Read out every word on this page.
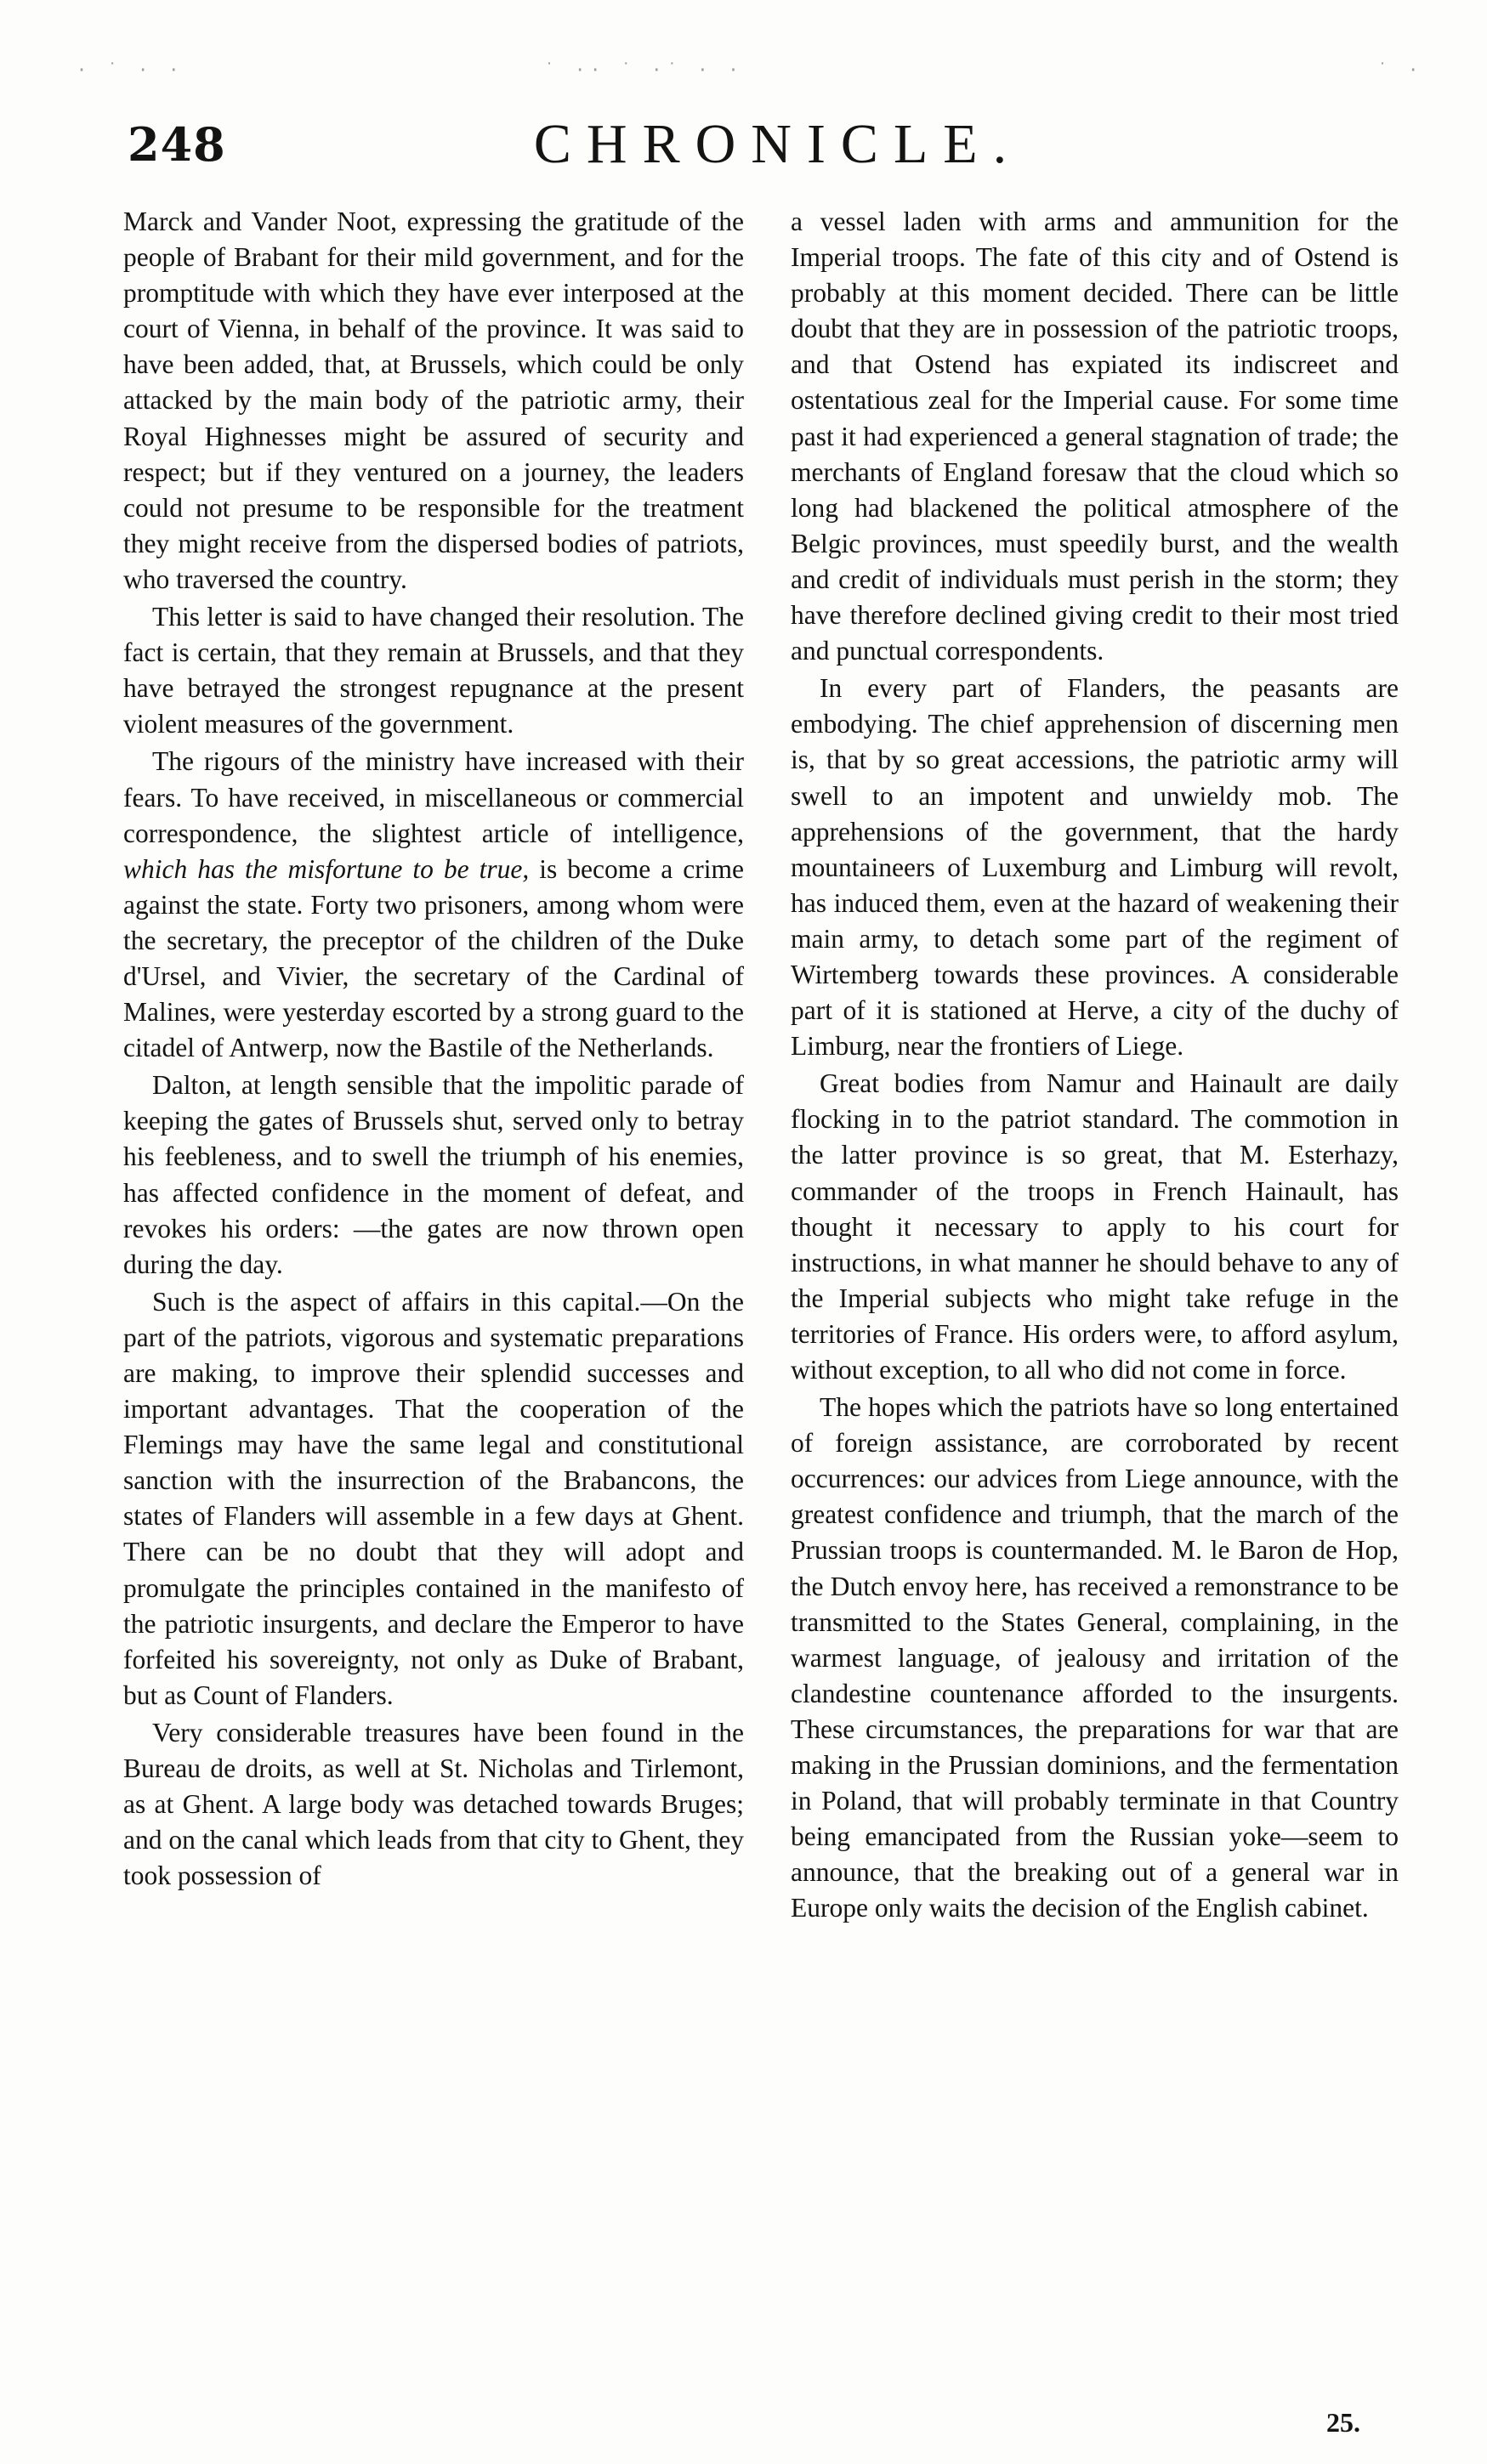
· ˙ · ·	˙ ·· ˙ ·˙ · ·	˙ ·
248	CHRONICLE.

Marck and Vander Noot, expressing the gratitude of the people of Brabant for their mild government, and for the promptitude with which they have ever interposed at the court of Vienna, in behalf of the province. It was said to have been added, that, at Brussels, which could be only attacked by the main body of the patriotic army, their Royal Highnesses might be assured of security and respect; but if they ventured on a journey, the leaders could not presume to be responsible for the treatment they might receive from the dispersed bodies of patriots, who traversed the country.

This letter is said to have changed their resolution. The fact is certain, that they remain at Brussels, and that they have betrayed the strongest repugnance at the present violent measures of the government.

The rigours of the ministry have increased with their fears. To have received, in miscellaneous or commercial correspondence, the slightest article of intelligence, which has the misfortune to be true, is become a crime against the state. Forty two prisoners, among whom were the secretary, the preceptor of the children of the Duke d'Ursel, and Vivier, the secretary of the Cardinal of Malines, were yesterday escorted by a strong guard to the citadel of Antwerp, now the Bastile of the Netherlands.

Dalton, at length sensible that the impolitic parade of keeping the gates of Brussels shut, served only to betray his feebleness, and to swell the triumph of his enemies, has affected confidence in the moment of defeat, and revokes his orders: —the gates are now thrown open during the day.

Such is the aspect of affairs in this capital.—On the part of the patriots, vigorous and systematic preparations are making, to improve their splendid successes and important advantages. That the cooperation of the Flemings may have the same legal and constitutional sanction with the insurrection of the Brabancons, the states of Flanders will assemble in a few days at Ghent. There can be no doubt that they will adopt and promulgate the principles contained in the manifesto of the patriotic insurgents, and declare the Emperor to have forfeited his sovereignty, not only as Duke of Brabant, but as Count of Flanders.

Very considerable treasures have been found in the Bureau de droits, as well at St. Nicholas and Tirlemont, as at Ghent. A large body was detached towards Bruges; and on the canal which leads from that city to Ghent, they took possession of

a vessel laden with arms and ammunition for the Imperial troops. The fate of this city and of Ostend is probably at this moment decided. There can be little doubt that they are in possession of the patriotic troops, and that Ostend has expiated its indiscreet and ostentatious zeal for the Imperial cause. For some time past it had experienced a general stagnation of trade; the merchants of England foresaw that the cloud which so long had blackened the political atmosphere of the Belgic provinces, must speedily burst, and the wealth and credit of individuals must perish in the storm; they have therefore declined giving credit to their most tried and punctual correspondents.

In every part of Flanders, the peasants are embodying. The chief apprehension of discerning men is, that by so great accessions, the patriotic army will swell to an impotent and unwieldy mob. The apprehensions of the government, that the hardy mountaineers of Luxemburg and Limburg will revolt, has induced them, even at the hazard of weakening their main army, to detach some part of the regiment of Wirtemberg towards these provinces. A considerable part of it is stationed at Herve, a city of the duchy of Limburg, near the frontiers of Liege.

Great bodies from Namur and Hainault are daily flocking in to the patriot standard. The commotion in the latter province is so great, that M. Esterhazy, commander of the troops in French Hainault, has thought it necessary to apply to his court for instructions, in what manner he should behave to any of the Imperial subjects who might take refuge in the territories of France. His orders were, to afford asylum, without exception, to all who did not come in force.

The hopes which the patriots have so long entertained of foreign assistance, are corroborated by recent occurrences: our advices from Liege announce, with the greatest confidence and triumph, that the march of the Prussian troops is countermanded. M. le Baron de Hop, the Dutch envoy here, has received a remonstrance to be transmitted to the States General, complaining, in the warmest language, of jealousy and irritation of the clandestine countenance afforded to the insurgents. These circumstances, the preparations for war that are making in the Prussian dominions, and the fermentation in Poland, that will probably terminate in that Country being emancipated from the Russian yoke—seem to announce, that the breaking out of a general war in Europe only waits the decision of the English cabinet.

25.
